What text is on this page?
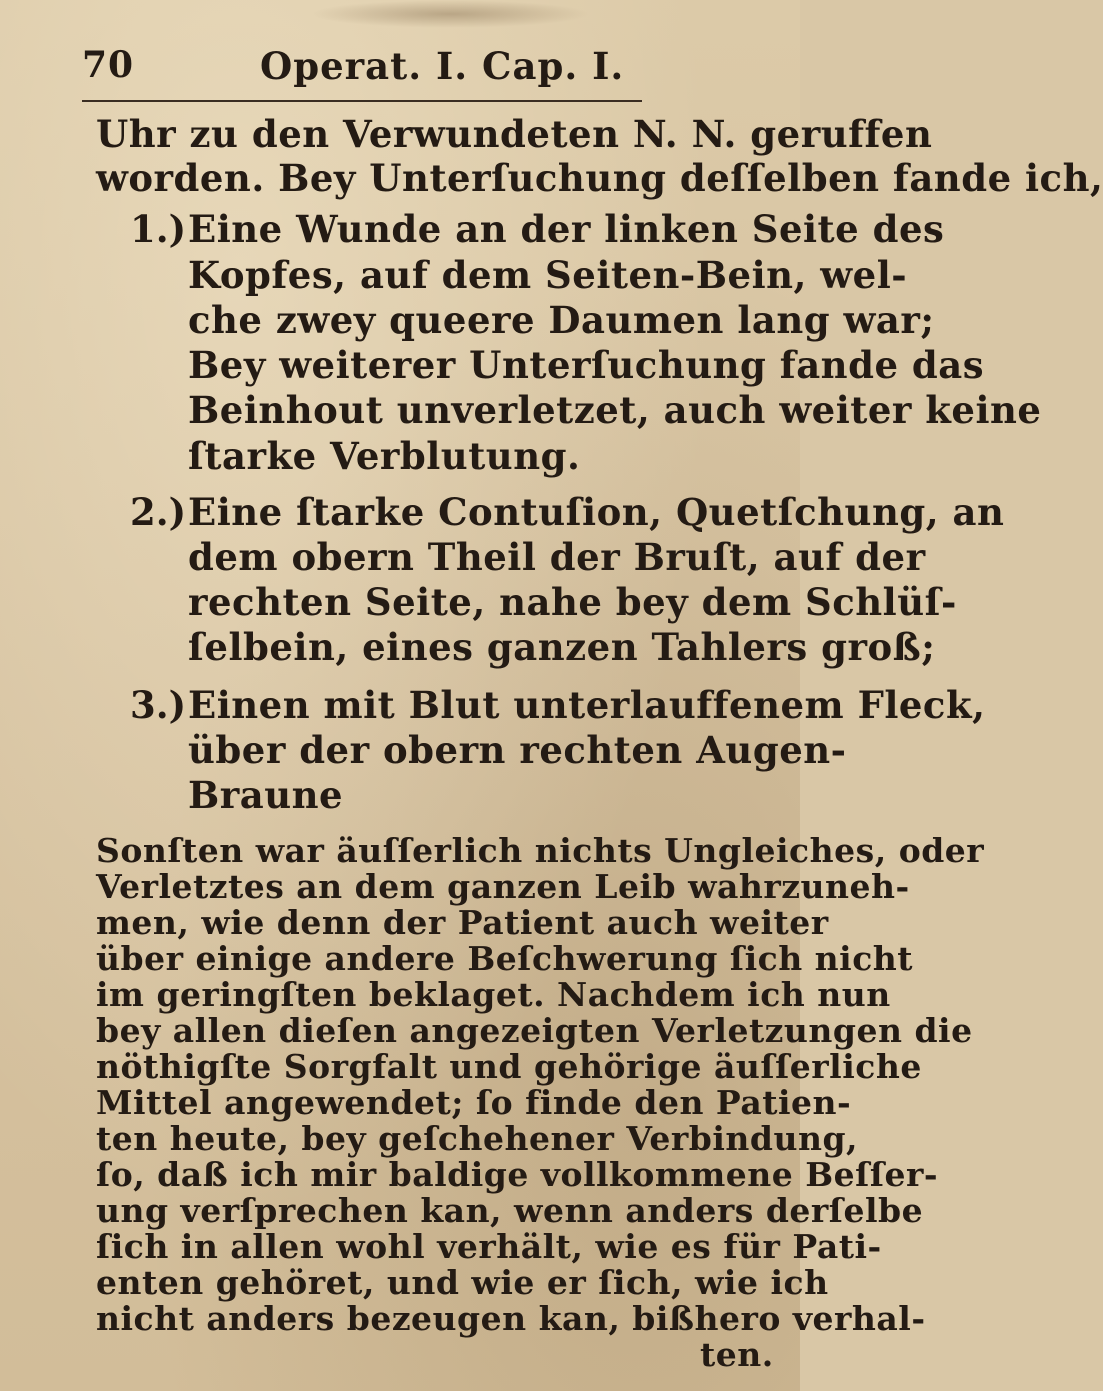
70	Operat. I. Cap. I.
Uhr zu den Verwundeten N. N. geruffen
worden. Bey Unterſuchung deſſelben fande ich,
1.) Eine Wunde an der linken Seite des
Kopfes, auf dem Seiten-Bein, wel-
che zwey queere Daumen lang war;
Bey weiterer Unterſuchung fande das
Beinhout unverletzet, auch weiter keine
ſtarke Verblutung.
2.) Eine ſtarke Contuſion, Quetſchung, an
dem obern Theil der Bruſt, auf der
rechten Seite, nahe bey dem Schlüſ-
ſelbein, eines ganzen Tahlers groß;
3.) Einen mit Blut unterlauffenem Fleck,
über der obern rechten Augen-
Braune
Sonſten war äuſſerlich nichts Ungleiches, oder
Verletztes an dem ganzen Leib wahrzuneh-
men, wie denn der Patient auch weiter
über einige andere Beſchwerung ſich nicht
im geringſten beklaget. Nachdem ich nun
bey allen dieſen angezeigten Verletzungen die
nöthigſte Sorgfalt und gehörige äuſſerliche
Mittel angewendet; ſo finde den Patien-
ten heute, bey geſchehener Verbindung,
ſo, daß ich mir baldige vollkommene Beſſer-
ung verſprechen kan, wenn anders derſelbe
ſich in allen wohl verhält, wie es für Pati-
enten gehöret, und wie er ſich, wie ich
nicht anders bezeugen kan, bißhero verhal-
ten.
